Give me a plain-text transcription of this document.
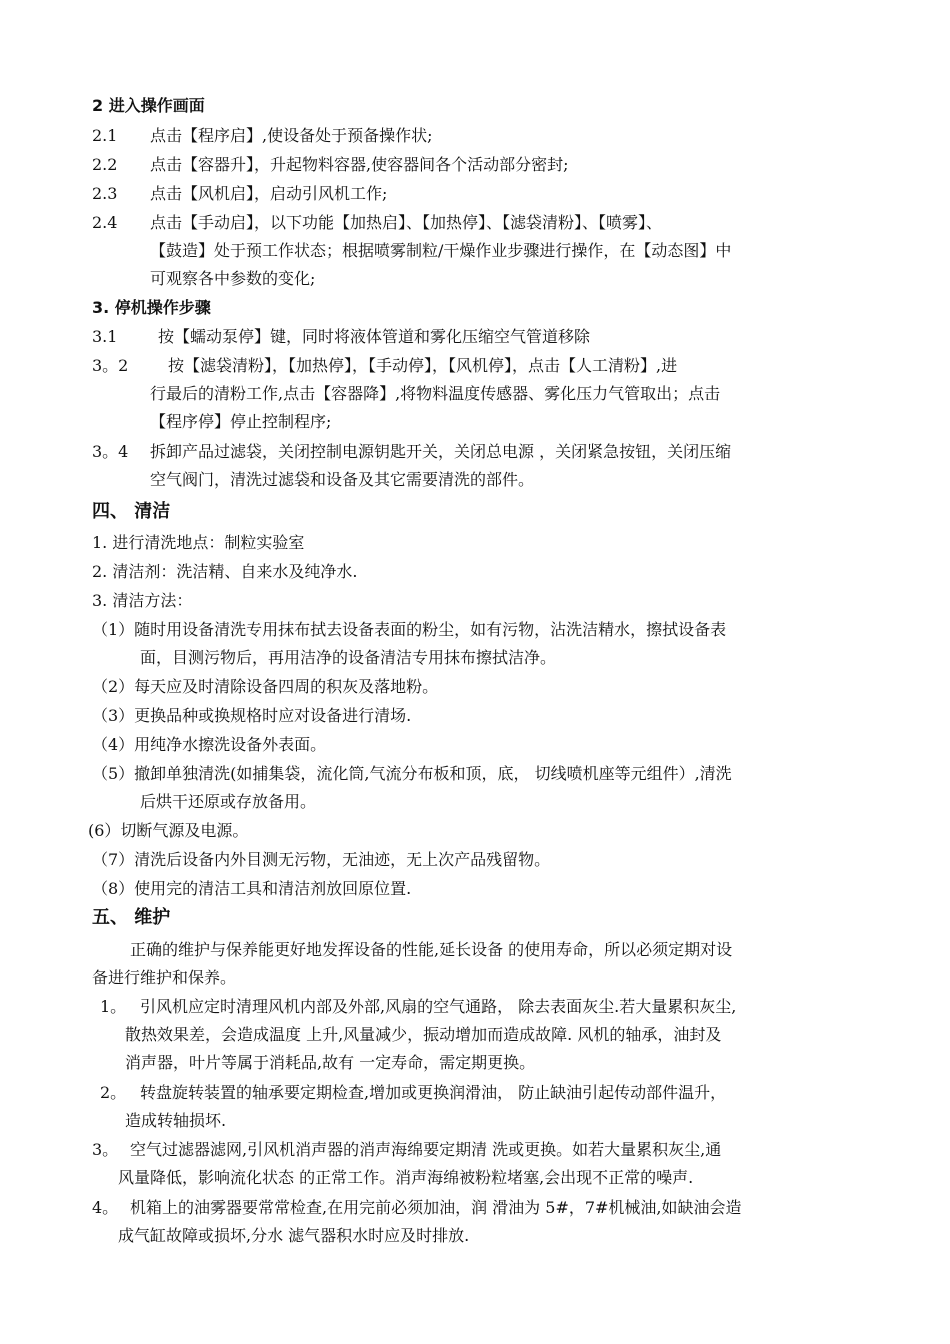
2 进入操作画面
2.1 点击【程序启】,使设备处于预备操作状;
2.2 点击【容器升】，升起物料容器,使容器间各个活动部分密封;
2.3 点击【风机启】，启动引风机工作;
2.4 点击【手动启】，以下功能【加热启】、【加热停】、【滤袋清粉】、【喷雾】、
【鼓造】处于预工作状态；根据喷雾制粒/干燥作业步骤进行操作，在【动态图】中
可观察各中参数的变化;
3. 停机操作步骤
3.1	按【蠕动泵停】键，同时将液体管道和雾化压缩空气管道移除
3。2 按【滤袋清粉】，【加热停】，【手动停】，【风机停】，点击【人工清粉】,进
行最后的清粉工作,点击【容器降】,将物料温度传感器、雾化压力气管取出；点击
【程序停】停止控制程序;
3。4 拆卸产品过滤袋，关闭控制电源钥匙开关，关闭总电源 ，关闭紧急按钮，关闭压缩
空气阀门，清洗过滤袋和设备及其它需要清洗的部件。
四、 清洁
1. 进行清洗地点：制粒实验室
2. 清洁剂：洗洁精、自来水及纯净水.
3. 清洁方法：
（1）随时用设备清洗专用抹布拭去设备表面的粉尘，如有污物，沾洗洁精水，擦拭设备表
面，目测污物后，再用洁净的设备清洁专用抹布擦拭洁净。
（2）每天应及时清除设备四周的积灰及落地粉。
（3）更换品种或换规格时应对设备进行清场.
（4）用纯净水擦洗设备外表面。
（5）撤卸单独清洗(如捕集袋，流化筒,气流分布板和顶，底， 切线喷机座等元组件）,清洗
后烘干还原或存放备用。
(6）切断气源及电源。
（7）清洗后设备内外目测无污物，无油迹，无上次产品残留物。
（8）使用完的清洁工具和清洁剂放回原位置.
五、 维护
正确的维护与保养能更好地发挥设备的性能,延长设备 的使用寿命，所以必须定期对设
备进行维护和保养。
1。 引风机应定时清理风机内部及外部,风扇的空气通路， 除去表面灰尘.若大量累积灰尘,
散热效果差，会造成温度 上升,风量减少，振动增加而造成故障. 风机的轴承，油封及
消声器，叶片等属于消耗品,故有 一定寿命，需定期更换。
2。 转盘旋转装置的轴承要定期检查,增加或更换润滑油， 防止缺油引起传动部件温升，
造成转轴损坏.
3。 空气过滤器滤网,引风机消声器的消声海绵要定期清 洗或更换。如若大量累积灰尘,通
风量降低，影响流化状态 的正常工作。消声海绵被粉粒堵塞,会出现不正常的噪声.
4。 机箱上的油雾器要常常检查,在用完前必须加油，润 滑油为 5#，7#机械油,如缺油会造
成气缸故障或损坏,分水 滤气器积水时应及时排放.
